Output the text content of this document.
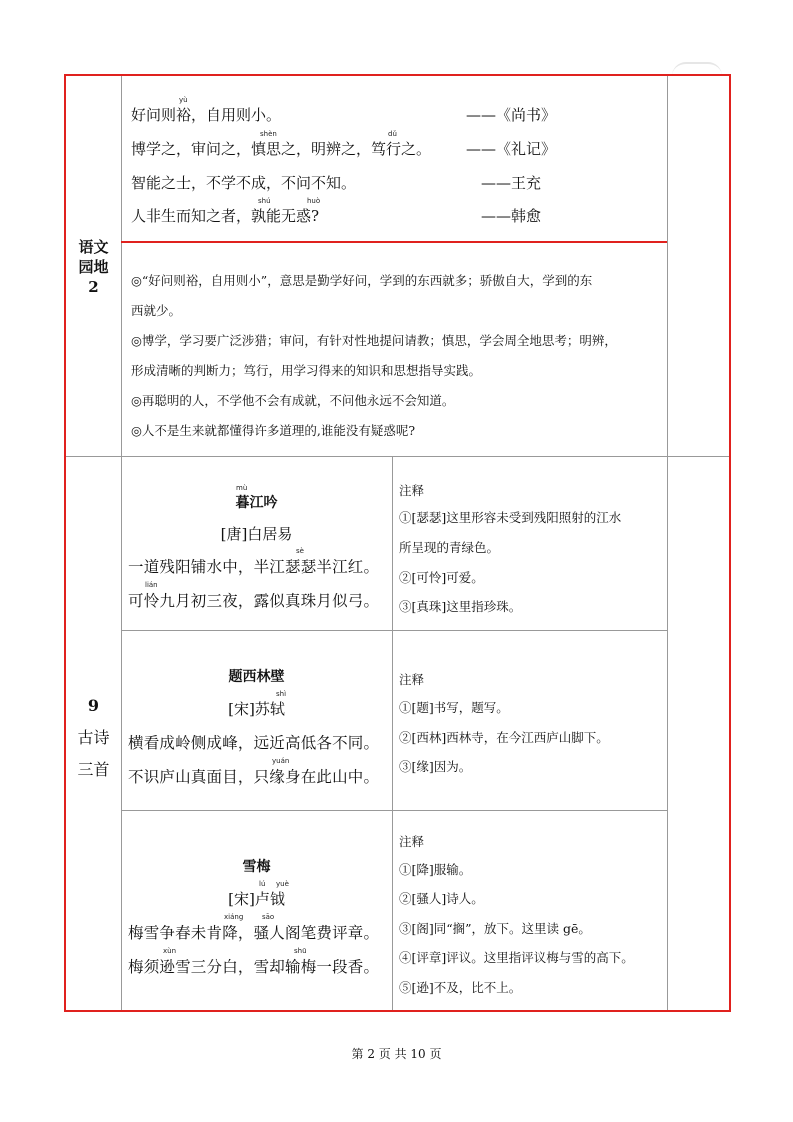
语文
园地
2
好问则裕，自用则小。	——《尚书》
博学之，审问之，慎思之，明辨之，笃行之。 ——《礼记》
智能之士，不学不成，不问不知。	——王充
人非生而知之者，孰能无惑?	——韩愈
yù
shèn	dǔ
shú	huò

◎“好问则裕，自用则小”，意思是勤学好问，学到的东西就多；骄傲自大，学到的东

西就少。

◎博学，学习要广泛涉猎；审问，有针对性地提问请教；慎思，学会周全地思考；明辨，

形成清晰的判断力；笃行，用学习得来的知识和思想指导实践。

◎再聪明的人，不学他不会有成就，不问他永远不会知道。

◎人不是生来就都懂得许多道理的,谁能没有疑惑呢?

9
古诗
三首
暮江吟
mù
[唐]白居易
一道残阳铺水中，半江瑟瑟半江红。
sè
可怜九月初三夜，露似真珠月似弓。
lián
注释
①[瑟瑟]这里形容未受到残阳照射的江水
所呈现的青绿色。
②[可怜]可爱。
③[真珠]这里指珍珠。
题西林壁
[宋]苏轼
shì
横看成岭侧成峰，远近高低各不同。
不识庐山真面目，只缘身在此山中。
yuán
注释
①[题]书写，题写。
②[西林]西林寺，在今江西庐山脚下。
③[缘]因为。
雪梅
[宋]卢钺
lú yuè
梅雪争春未肯降，骚人阁笔费评章。
xiáng	sāo
梅须逊雪三分白，雪却输梅一段香。
xùn	shū
注释
①[降]服输。
②[骚人]诗人。
③[阁]同“搁”，放下。这里读 gē。
④[评章]评议。这里指评议梅与雪的高下。
⑤[逊]不及，比不上。
第 2 页 共 10 页
